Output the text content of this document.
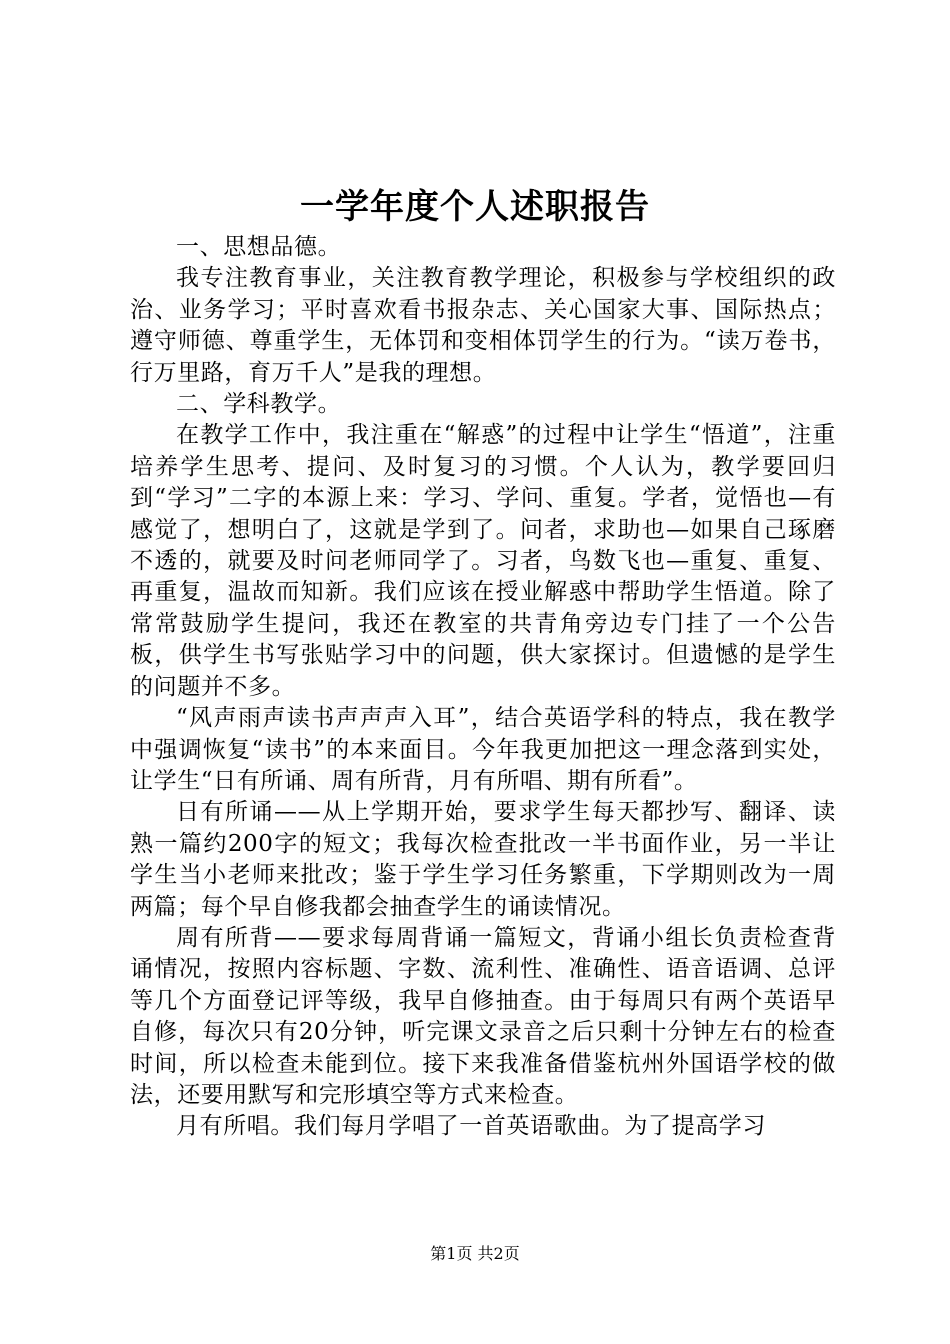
一学年度个人述职报告

一、思想品德。

我专注教育事业，关注教育教学理论，积极参与学校组织的政治、业务学习；平时喜欢看书报杂志、关心国家大事、国际热点；遵守师德、尊重学生，无体罚和变相体罚学生的行为。“读万卷书，行万里路，育万千人”是我的理想。

二、学科教学。

在教学工作中，我注重在“解惑”的过程中让学生“悟道”，注重培养学生思考、提问、及时复习的习惯。个人认为，教学要回归到“学习”二字的本源上来：学习、学问、重复。学者，觉悟也—有感觉了，想明白了，这就是学到了。问者，求助也—如果自己琢磨不透的，就要及时问老师同学了。习者，鸟数飞也—重复、重复、再重复，温故而知新。我们应该在授业解惑中帮助学生悟道。除了常常鼓励学生提问，我还在教室的共青角旁边专门挂了一个公告板，供学生书写张贴学习中的问题，供大家探讨。但遗憾的是学生的问题并不多。

“风声雨声读书声声声入耳”，结合英语学科的特点，我在教学中强调恢复“读书”的本来面目。今年我更加把这一理念落到实处，让学生“日有所诵、周有所背，月有所唱、期有所看”。

日有所诵——从上学期开始，要求学生每天都抄写、翻译、读熟一篇约200字的短文；我每次检查批改一半书面作业，另一半让学生当小老师来批改；鉴于学生学习任务繁重，下学期则改为一周两篇；每个早自修我都会抽查学生的诵读情况。

周有所背——要求每周背诵一篇短文，背诵小组长负责检查背诵情况，按照内容标题、字数、流利性、准确性、语音语调、总评等几个方面登记评等级，我早自修抽查。由于每周只有两个英语早自修，每次只有20分钟，听完课文录音之后只剩十分钟左右的检查时间，所以检查未能到位。接下来我准备借鉴杭州外国语学校的做法，还要用默写和完形填空等方式来检查。

月有所唱。我们每月学唱了一首英语歌曲。为了提高学习

第1页 共2页
